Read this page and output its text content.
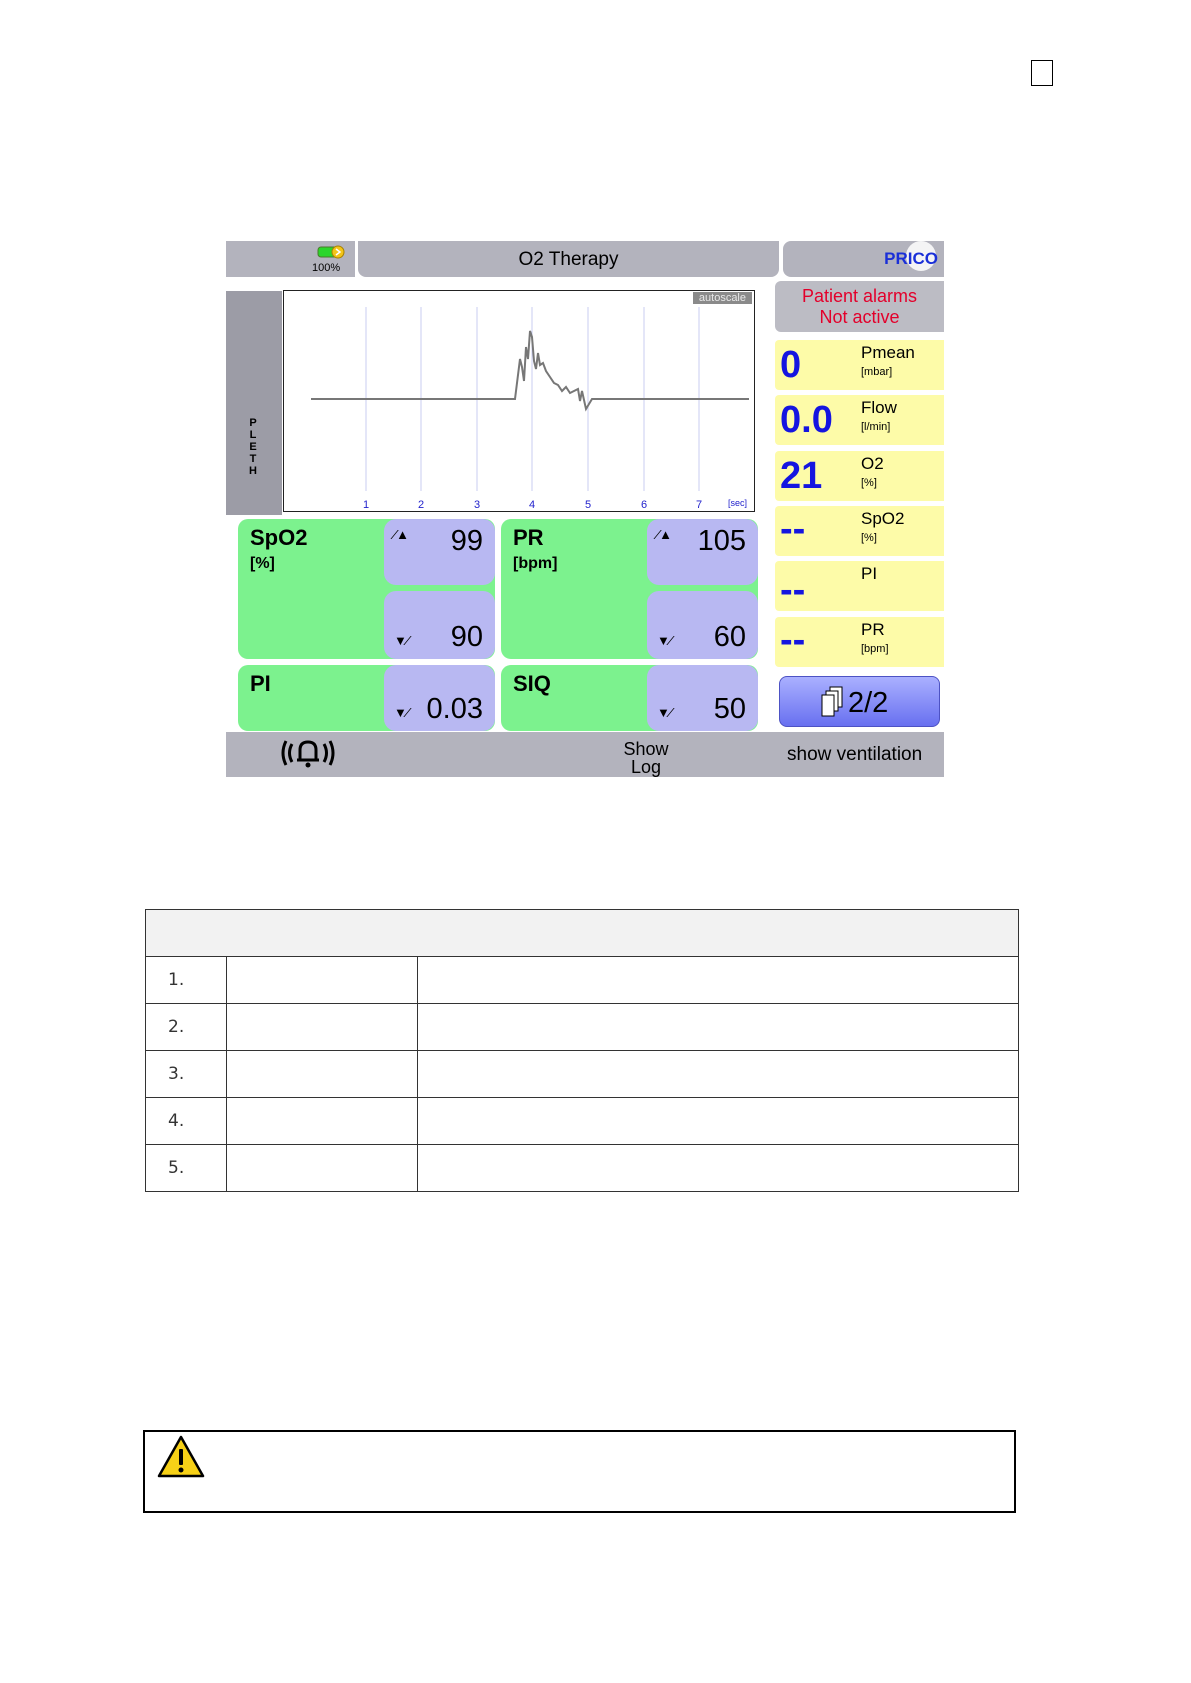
100%	O2 Therapy	PRICO
Patient alarms
Not active
P
L
E
T
H
1	2	3	4	5	6	7	[sec]
autoscale
0	Pmean
[mbar]
0.0 Flow
[l/min]
21 O2
[%]
--	SpO2
[%]
--	PI
--	PR
[bpm]
SpO2
[%]
⁄▲ 99
▼⁄ 90
PR
[bpm]
⁄▲ 105
▼⁄ 60
PI
▼⁄ 0.03
SIQ
▼⁄ 50	2/2
Show
Log
show ventilation

1.		
2.		
3.		
4.		
5.		
